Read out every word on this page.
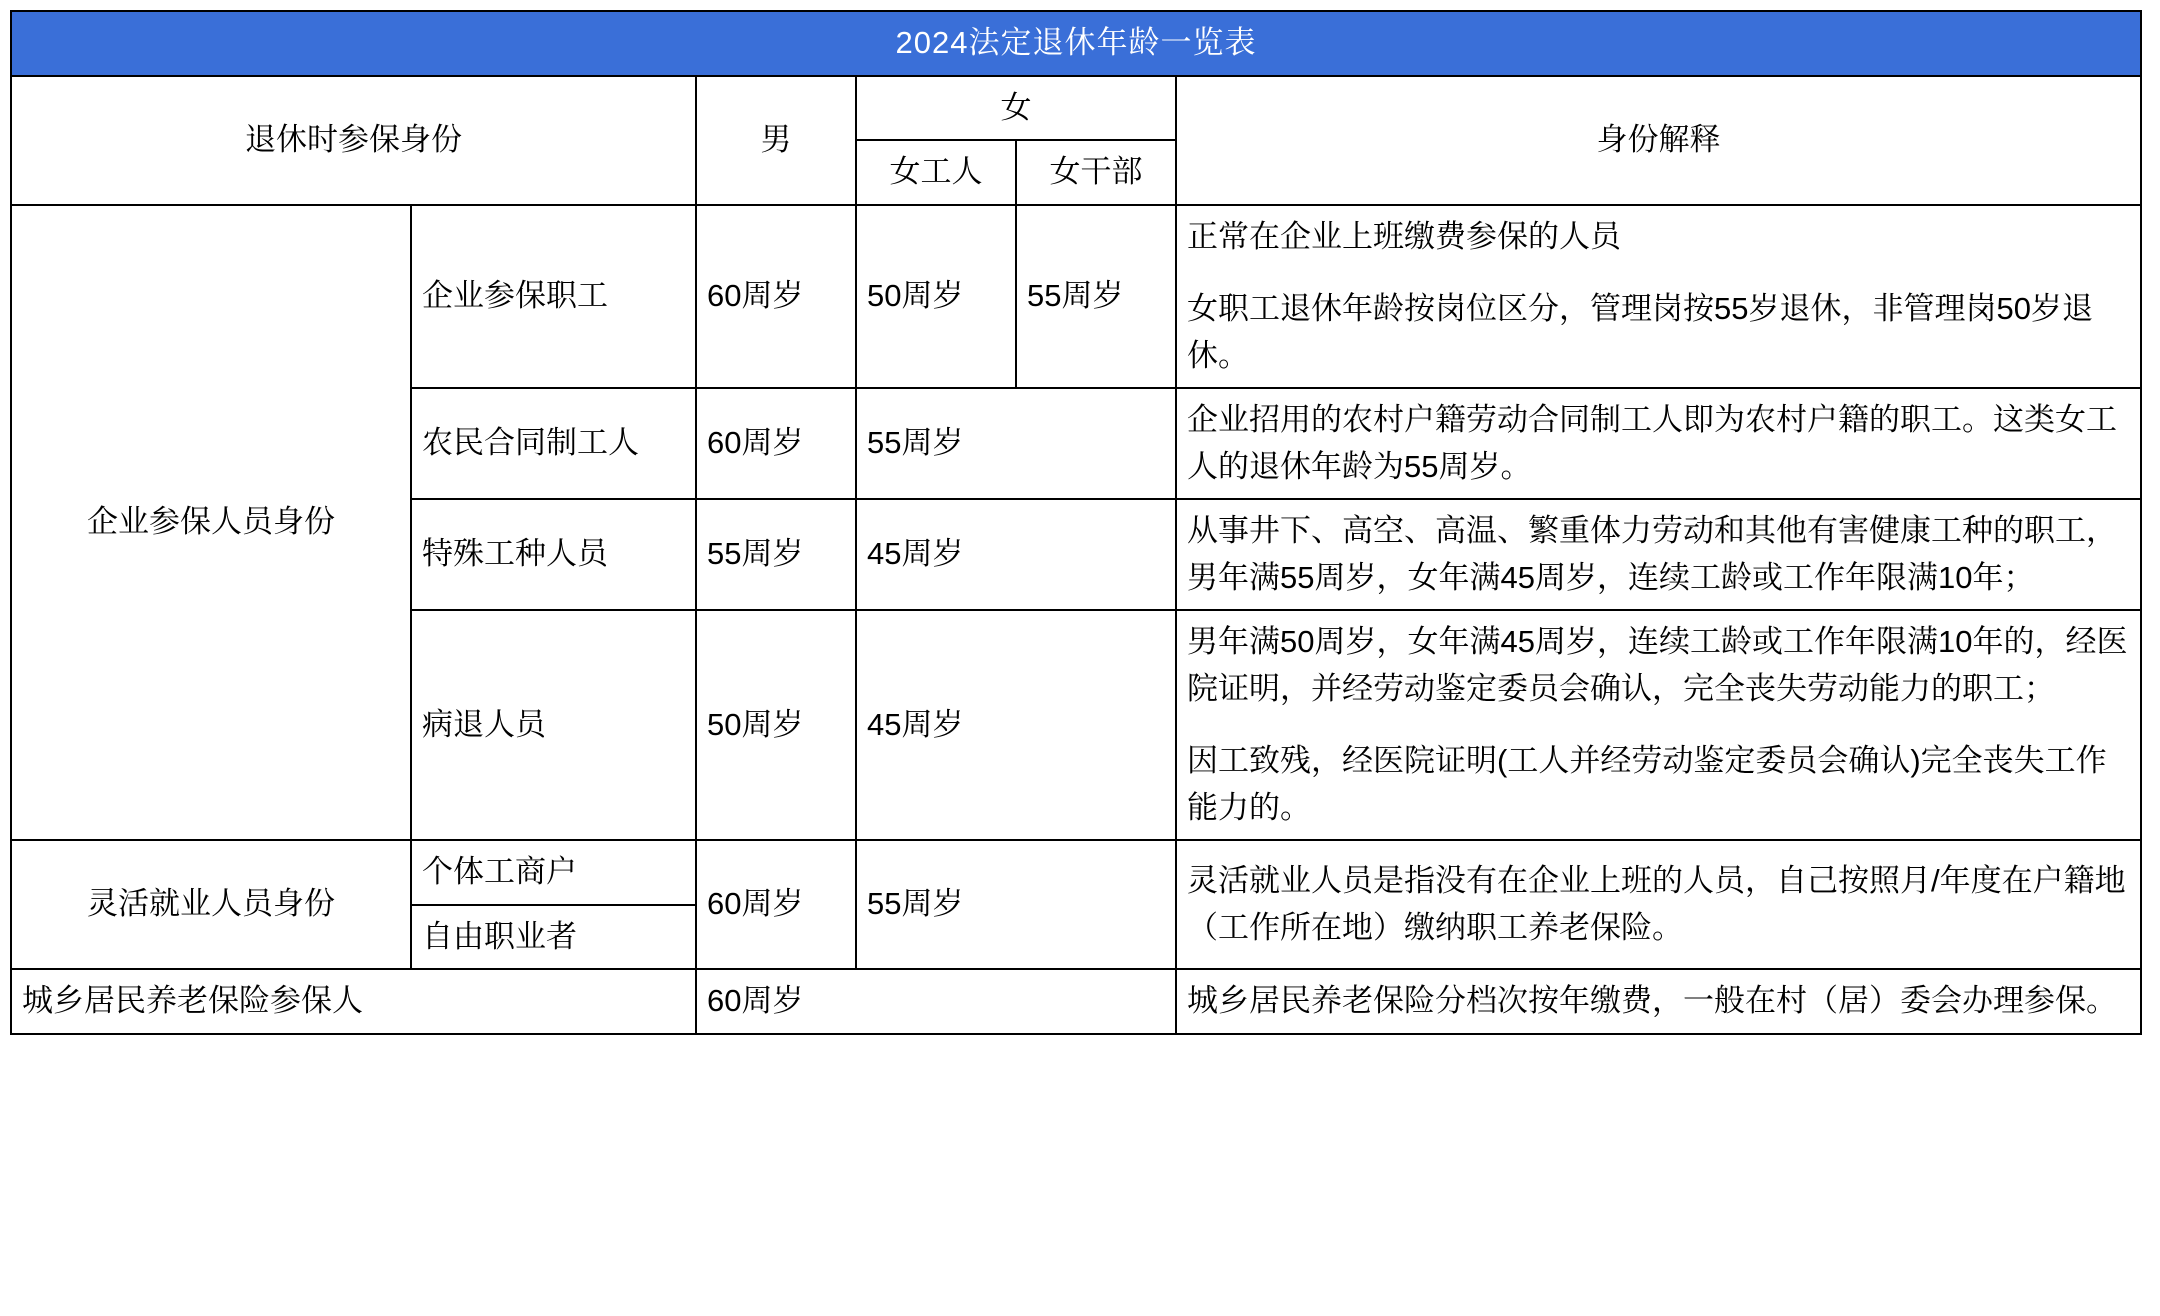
2024法定退休年龄一览表					
退休时参保身份		男	女		身份解释
			女工人	女干部	
企业参保人员身份	企业参保职工	60周岁	50周岁	55周岁	正常在企业上班缴费参保的人员

女职工退休年龄按岗位区分，管理岗按55岁退休，非管理岗50岁退休。

	农民合同制工人	60周岁	55周岁		企业招用的农村户籍劳动合同制工人即为农村户籍的职工。这类女工人的退休年龄为55周岁。
	特殊工种人员	55周岁	45周岁		从事井下、高空、高温、繁重体力劳动和其他有害健康工种的职工，男年满55周岁，女年满45周岁，连续工龄或工作年限满10年；
	病退人员	50周岁	45周岁		男年满50周岁，女年满45周岁，连续工龄或工作年限满10年的，经医院证明，并经劳动鉴定委员会确认，完全丧失劳动能力的职工；

因工致残，经医院证明(工人并经劳动鉴定委员会确认)完全丧失工作能力的。

灵活就业人员身份	个体工商户	60周岁	55周岁		灵活就业人员是指没有在企业上班的人员，自己按照月/年度在户籍地（工作所在地）缴纳职工养老保险。
	自由职业者				
城乡居民养老保险参保人		60周岁			城乡居民养老保险分档次按年缴费，一般在村（居）委会办理参保。
